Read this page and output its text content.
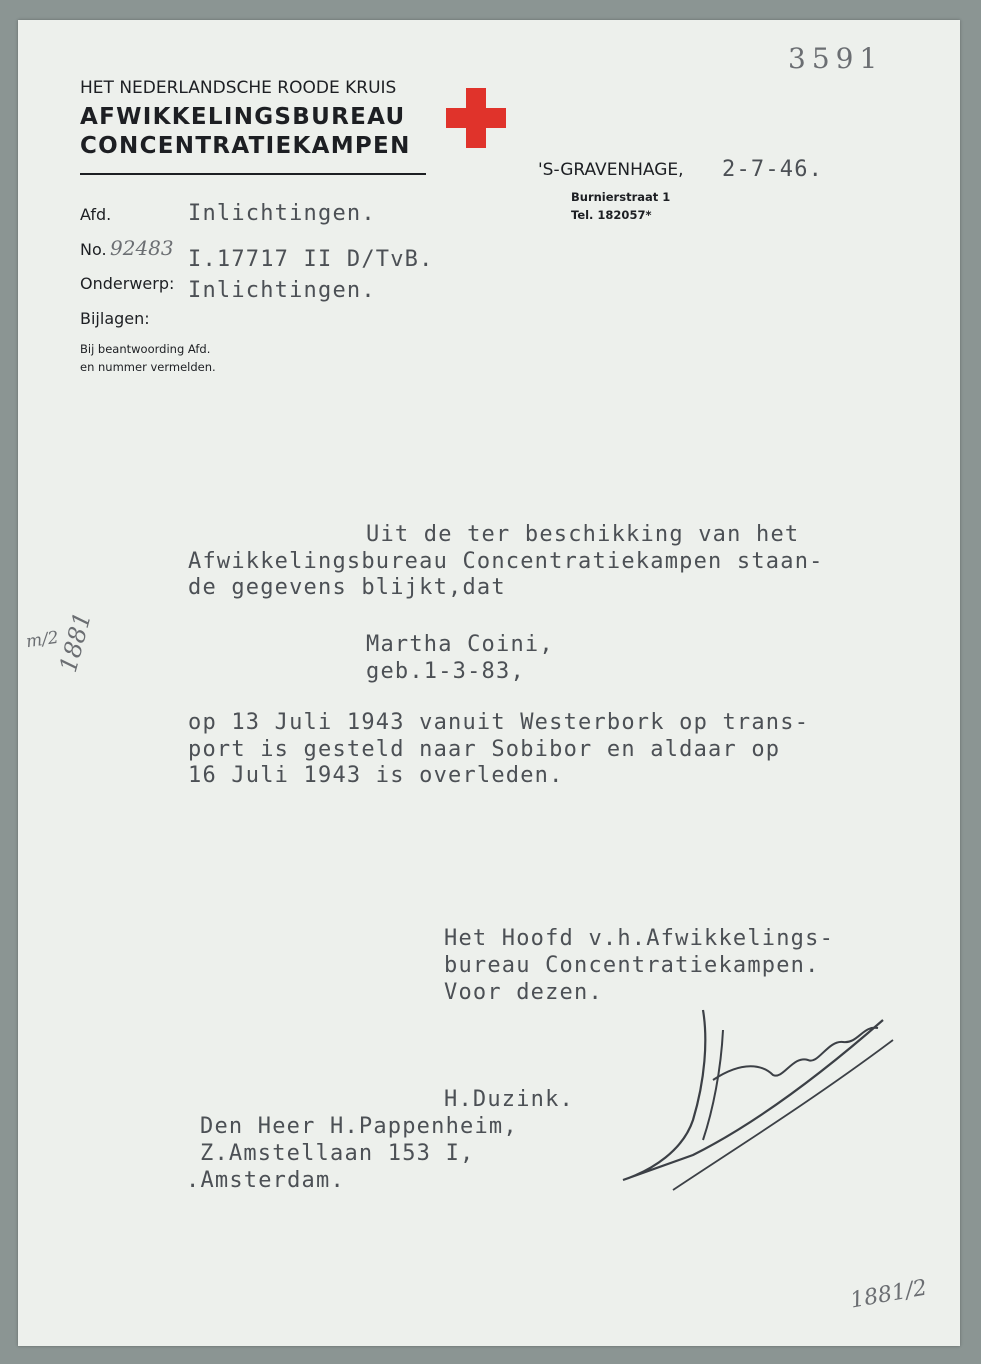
HET NEDERLANDSCHE ROODE KRUIS
AFWIKKELINGSBUREAU
CONCENTRATIEKAMPEN
'S-GRAVENHAGE, 2-7-46.
Burnierstraat 1
Tel. 182057*
3591
m/2
1881
1881/2
Afd.	Inlichtingen.
No. 92483 I.17717 II D/TvB.
Onderwerp: Inlichtingen.
Bijlagen:
Bij beantwoording Afd.
en nummer vermelden.
Uit de ter beschikking van het
Afwikkelingsbureau Concentratiekampen staan-
de gegevens blijkt,dat
Martha Coini,
geb.1-3-83,
op 13 Juli 1943 vanuit Westerbork op trans-
port is gesteld naar Sobibor en aldaar op
16 Juli 1943 is overleden.
Het Hoofd v.h.Afwikkelings-
bureau Concentratiekampen.
Voor dezen.
H.Duzink.
Den Heer H.Pappenheim,
Z.Amstellaan 153 I,
.Amsterdam.
